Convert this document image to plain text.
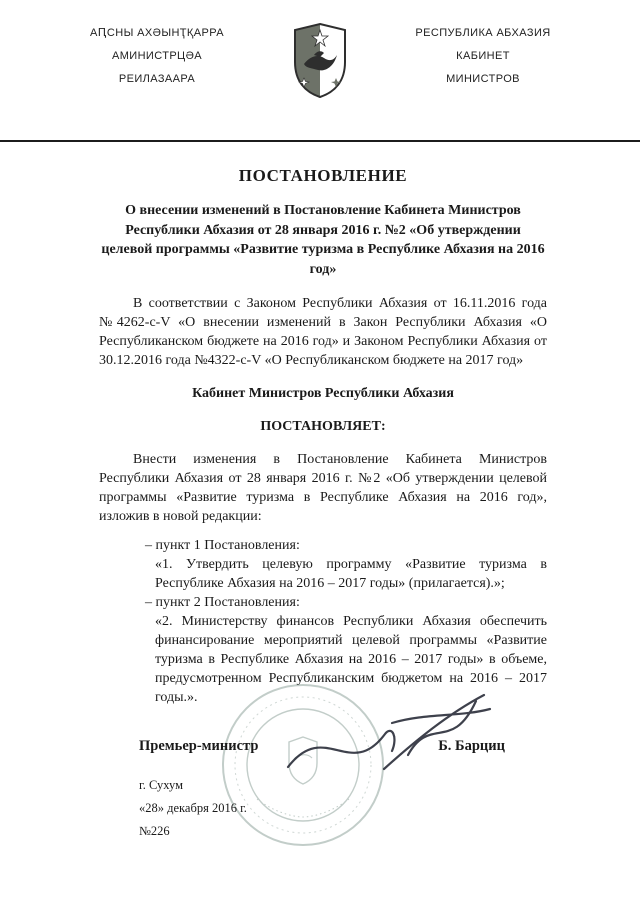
АԤСНЫ АХӘЫНҬҚАРРА
АМИНИСТРЦӘА
РЕИЛАЗААРА
РЕСПУБЛИКА АБХАЗИЯ
КАБИНЕТ
МИНИСТРОВ
ПОСТАНОВЛЕНИЕ
О внесении изменений в Постановление Кабинета Министров Республики Абхазия от 28 января 2016 г. №2 «Об утверждении целевой программы «Развитие туризма в Республике Абхазия на 2016 год»

В соответствии с Законом Республики Абхазия от 16.11.2016 года №4262-с-V «О внесении изменений в Закон Республики Абхазия «О Республиканском бюджете на 2016 год» и Законом Республики Абхазия от 30.12.2016 года №4322-с-V «О Республиканском бюджете на 2017 год»

Кабинет Министров Республики Абхазия
ПОСТАНОВЛЯЕТ:

Внести изменения в Постановление Кабинета Министров Республики Абхазия от 28 января 2016 г. №2 «Об утверждении целевой программы «Развитие туризма в Республике Абхазия на 2016 год», изложив в новой редакции:

– пункт 1 Постановления:
«1. Утвердить целевую программу «Развитие туризма в Республике Абхазия на 2016 – 2017 годы» (прилагается).»;
– пункт 2 Постановления:
«2. Министерству финансов Республики Абхазия обеспечить финансирование мероприятий целевой программы «Развитие туризма в Республике Абхазия на 2016 – 2017 годы» в объеме, предусмотренном Республиканским бюджетом на 2016 – 2017 годы.».
Премьер-министр	Б. Барциц
г. Сухум
«28» декабря 2016 г.
№226
